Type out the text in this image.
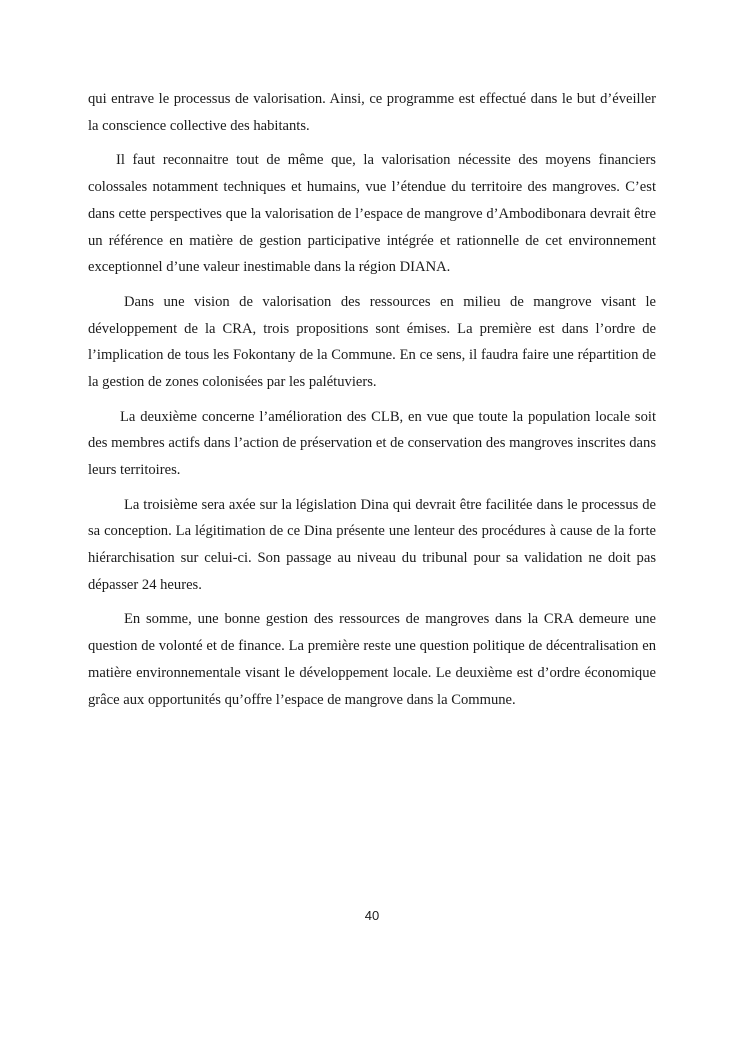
qui entrave le processus de valorisation. Ainsi, ce programme est effectué dans le but d’éveiller la conscience collective des habitants.

Il faut reconnaitre tout de même que, la valorisation nécessite des moyens financiers colossales notamment techniques et humains, vue l’étendue du territoire des mangroves. C’est dans cette perspectives que la valorisation de l’espace de mangrove d’Ambodibonara devrait être un référence en matière de gestion participative intégrée et rationnelle de cet environnement exceptionnel d’une valeur inestimable dans la région DIANA.

Dans une vision de valorisation des ressources en milieu de mangrove visant le développement de la CRA, trois propositions sont émises. La première est dans l’ordre de l’implication de tous les Fokontany de la Commune. En ce sens, il faudra faire une répartition de la gestion de zones colonisées par les palétuviers.

La deuxième concerne l’amélioration des CLB, en vue que toute la population locale soit des membres actifs dans l’action de préservation et de conservation des mangroves inscrites dans leurs territoires.

La troisième sera axée sur la législation Dina qui devrait être facilitée dans le processus de sa conception. La légitimation de ce Dina présente une lenteur des procédures à cause de la forte hiérarchisation sur celui-ci. Son passage au niveau du tribunal pour sa validation ne doit pas dépasser 24 heures.

En somme, une bonne gestion des ressources de mangroves dans la CRA demeure une question de volonté et de finance. La première reste une question politique de décentralisation en matière environnementale visant le développement locale. Le deuxième est d’ordre économique grâce aux opportunités qu’offre l’espace de mangrove dans la Commune.

40
